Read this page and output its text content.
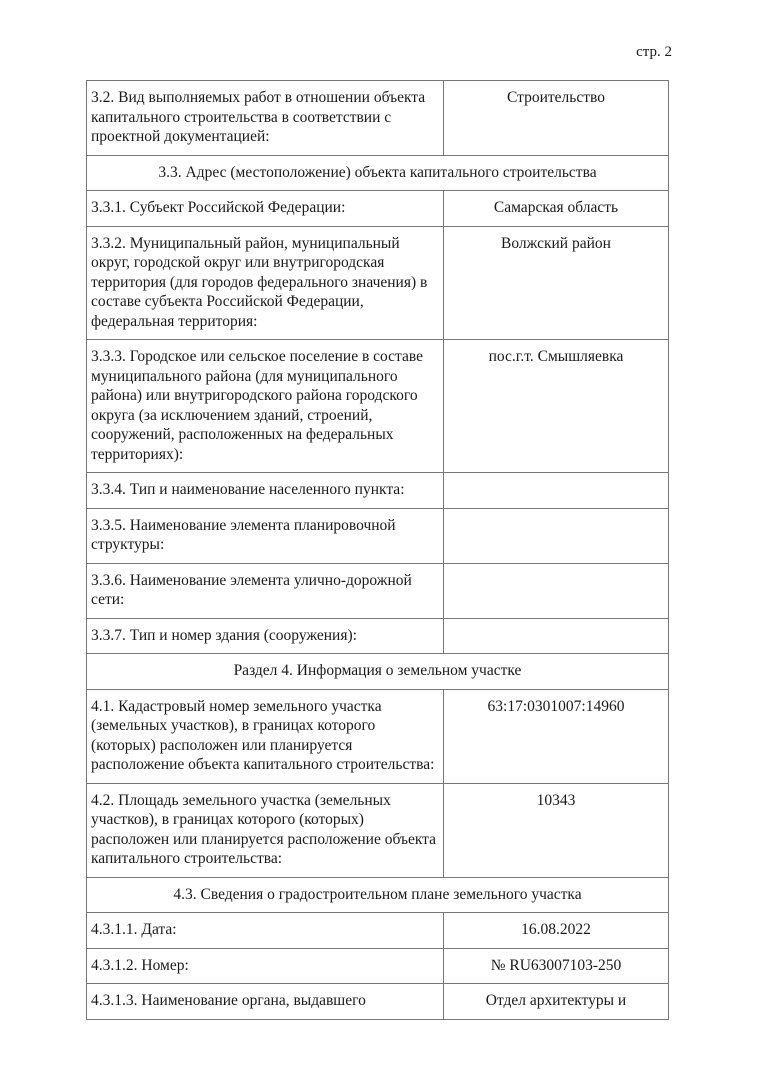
стр. 2
3.2. Вид выполняемых работ в отношении объекта капитального строительства в соответствии с проектной документацией:	Строительство
3.3. Адрес (местоположение) объекта капитального строительства	
3.3.1. Субъект Российской Федерации:	Самарская область
3.3.2. Муниципальный район, муниципальный округ, городской округ или внутригородская территория (для городов федерального значения) в составе субъекта Российской Федерации, федеральная территория:	Волжский район
3.3.3. Городское или сельское поселение в составе муниципального района (для муниципального района) или внутригородского района городского округа (за исключением зданий, строений, сооружений, расположенных на федеральных территориях):	пос.г.т. Смышляевка
3.3.4. Тип и наименование населенного пункта:	
3.3.5. Наименование элемента планировочной структуры:	
3.3.6. Наименование элемента улично-дорожной сети:	
3.3.7. Тип и номер здания (сооружения):	
Раздел 4. Информация о земельном участке	
4.1. Кадастровый номер земельного участка (земельных участков), в границах которого (которых) расположен или планируется расположение объекта капитального строительства:	63:17:0301007:14960
4.2. Площадь земельного участка (земельных участков), в границах которого (которых) расположен или планируется расположение объекта капитального строительства:	10343
4.3. Сведения о градостроительном плане земельного участка	
4.3.1.1. Дата:	16.08.2022
4.3.1.2. Номер:	№ RU63007103-250
4.3.1.3. Наименование органа, выдавшего	Отдел архитектуры и
